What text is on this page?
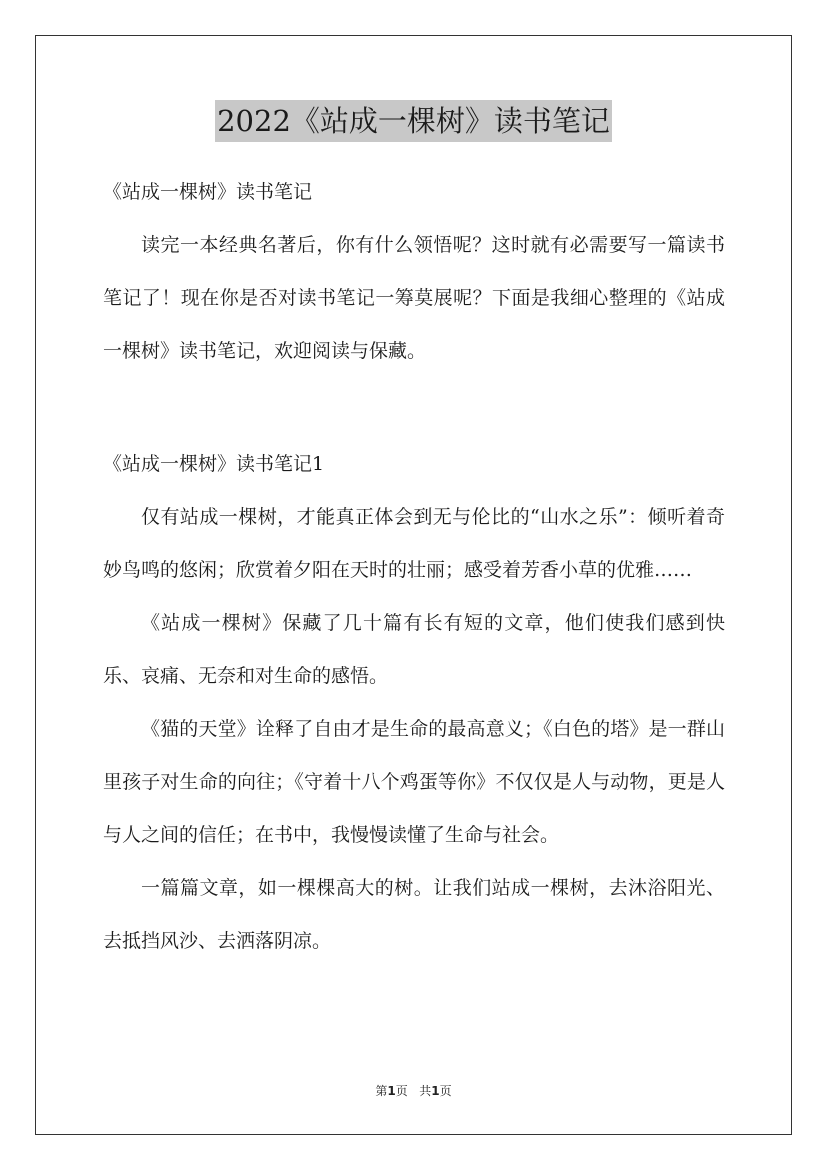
2022《站成一棵树》读书笔记

《站成一棵树》读书笔记

读完一本经典名著后，你有什么领悟呢？这时就有必需要写一篇读书笔记了！现在你是否对读书笔记一筹莫展呢？下面是我细心整理的《站成一棵树》读书笔记，欢迎阅读与保藏。

《站成一棵树》读书笔记1

仅有站成一棵树，才能真正体会到无与伦比的“山水之乐”：倾听着奇妙鸟鸣的悠闲；欣赏着夕阳在天时的壮丽；感受着芳香小草的优雅……

《站成一棵树》保藏了几十篇有长有短的文章，他们使我们感到快乐、哀痛、无奈和对生命的感悟。

《猫的天堂》诠释了自由才是生命的最高意义；《白色的塔》是一群山里孩子对生命的向往；《守着十八个鸡蛋等你》不仅仅是人与动物，更是人与人之间的信任；在书中，我慢慢读懂了生命与社会。

一篇篇文章，如一棵棵高大的树。让我们站成一棵树，去沐浴阳光、去抵挡风沙、去洒落阴凉。

第1页 共1页
